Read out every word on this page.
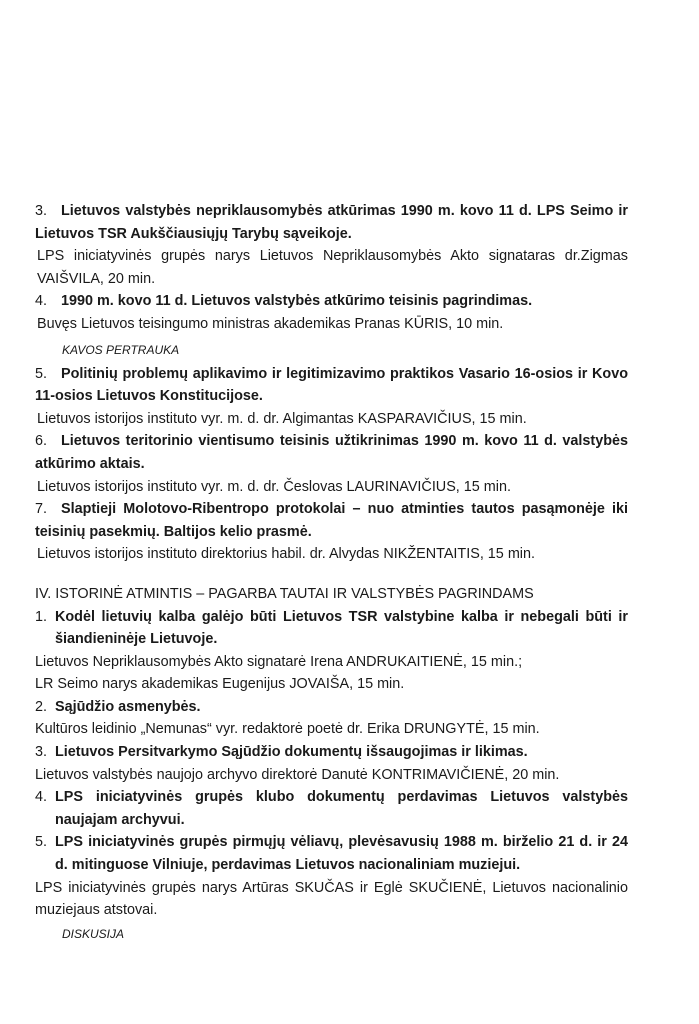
3. Lietuvos valstybės nepriklausomybės atkūrimas 1990 m. kovo 11 d. LPS Seimo ir Lietuvos TSR Aukščiausiųjų Tarybų sąveikoje.

LPS iniciatyvinės grupės narys Lietuvos Nepriklausomybės Akto signataras dr.Zigmas VAIŠVILA, 20 min.

4. 1990 m. kovo 11 d. Lietuvos valstybės atkūrimo teisinis pagrindimas.

Buvęs Lietuvos teisingumo ministras akademikas Pranas KŪRIS, 10 min.

KAVOS PERTRAUKA

5. Politinių problemų aplikavimo ir legitimizavimo praktikos Vasario 16-osios ir Kovo 11-osios Lietuvos Konstitucijose.

Lietuvos istorijos instituto vyr. m. d. dr. Algimantas KASPARAVIČIUS, 15 min.

6. Lietuvos teritorinio vientisumo teisinis užtikrinimas 1990 m. kovo 11 d. valstybės atkūrimo aktais.

Lietuvos istorijos instituto vyr. m. d. dr. Česlovas LAURINAVIČIUS, 15 min.

7. Slaptieji Molotovo-Ribentropo protokolai – nuo atminties tautos pasąmonėje iki teisinių pasekmių. Baltijos kelio prasmė.

Lietuvos istorijos instituto direktorius habil. dr. Alvydas NIKŽENTAITIS, 15 min.

IV. ISTORINĖ ATMINTIS – PAGARBA TAUTAI IR VALSTYBĖS PAGRINDAMS

1. Kodėl lietuvių kalba galėjo būti Lietuvos TSR valstybine kalba ir nebegali būti ir šiandieninėje Lietuvoje.

Lietuvos Nepriklausomybės Akto signatarė Irena ANDRUKAITIENĖ, 15 min.;

LR Seimo narys akademikas Eugenijus JOVAIŠA, 15 min.

2. Sąjūdžio asmenybės.

Kultūros leidinio „Nemunas“ vyr. redaktorė poetė dr. Erika DRUNGYTĖ, 15 min.

3. Lietuvos Persitvarkymo Sąjūdžio dokumentų išsaugojimas ir likimas.

Lietuvos valstybės naujojo archyvo direktorė Danutė KONTRIMAVIČIENĖ, 20 min.

4. LPS iniciatyvinės grupės klubo dokumentų perdavimas Lietuvos valstybės naujajam archyvui.

5. LPS iniciatyvinės grupės pirmųjų vėliavų, plevėsavusių 1988 m. birželio 21 d. ir 24 d. mitinguose Vilniuje, perdavimas Lietuvos nacionaliniam muziejui.

LPS iniciatyvinės grupės narys Artūras SKUČAS ir Eglė SKUČIENĖ, Lietuvos nacionalinio muziejaus atstovai.

DISKUSIJA
